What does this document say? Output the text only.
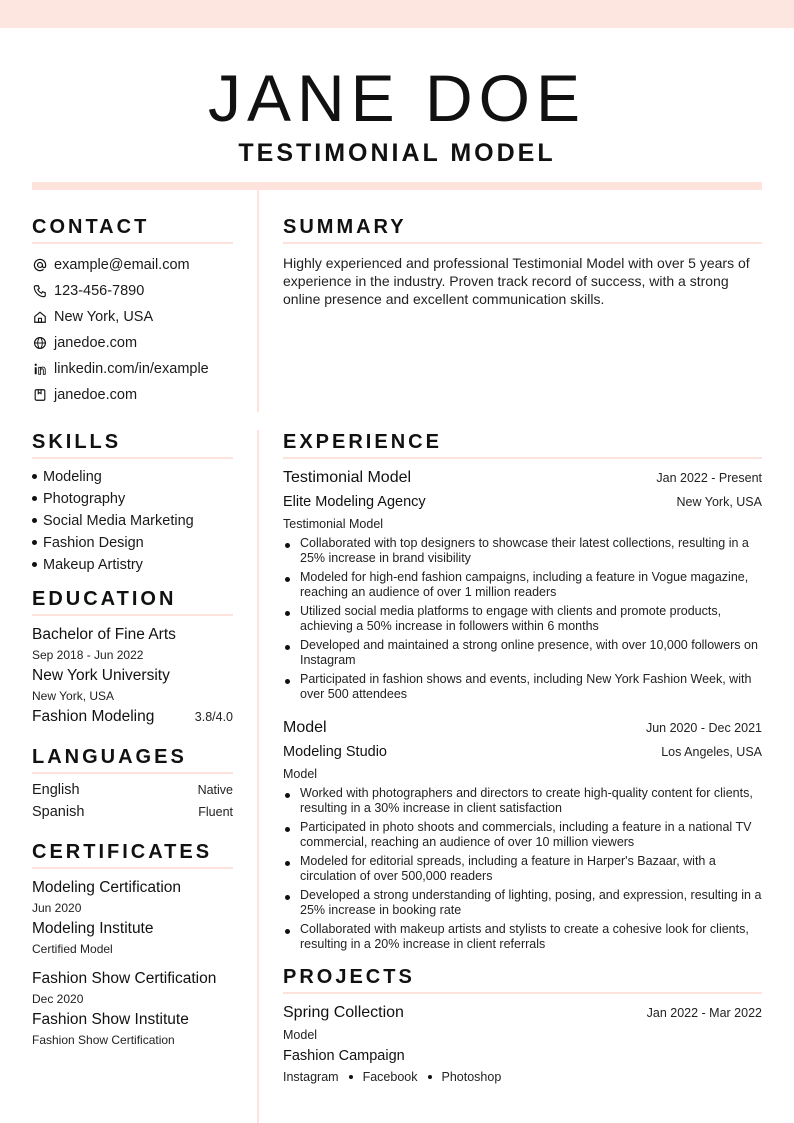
JANE DOE
TESTIMONIAL MODEL
CONTACT
example@email.com
123-456-7890
New York, USA
janedoe.com
linkedin.com/in/example
janedoe.com
SUMMARY
Highly experienced and professional Testimonial Model with over 5 years of experience in the industry. Proven track record of success, with a strong online presence and excellent communication skills.
SKILLS
Modeling
Photography
Social Media Marketing
Fashion Design
Makeup Artistry
EDUCATION
Bachelor of Fine Arts
Sep 2018 - Jun 2022
New York University
New York, USA
Fashion Modeling	3.8/4.0
LANGUAGES
English	Native
Spanish	Fluent
CERTIFICATES
Modeling Certification
Jun 2020
Modeling Institute
Certified Model
Fashion Show Certification
Dec 2020
Fashion Show Institute
Fashion Show Certification
EXPERIENCE
Testimonial Model	Jan 2022 - Present
Elite Modeling Agency	New York, USA
Testimonial Model
Collaborated with top designers to showcase their latest collections, resulting in a 25% increase in brand visibility
Modeled for high-end fashion campaigns, including a feature in Vogue magazine, reaching an audience of over 1 million readers
Utilized social media platforms to engage with clients and promote products, achieving a 50% increase in followers within 6 months
Developed and maintained a strong online presence, with over 10,000 followers on Instagram
Participated in fashion shows and events, including New York Fashion Week, with over 500 attendees
Model	Jun 2020 - Dec 2021
Modeling Studio	Los Angeles, USA
Model
Worked with photographers and directors to create high-quality content for clients, resulting in a 30% increase in client satisfaction
Participated in photo shoots and commercials, including a feature in a national TV commercial, reaching an audience of over 10 million viewers
Modeled for editorial spreads, including a feature in Harper's Bazaar, with a circulation of over 500,000 readers
Developed a strong understanding of lighting, posing, and expression, resulting in a 25% increase in booking rate
Collaborated with makeup artists and stylists to create a cohesive look for clients, resulting in a 20% increase in client referrals
PROJECTS
Spring Collection	Jan 2022 - Mar 2022
Model
Fashion Campaign
Instagram Facebook Photoshop
